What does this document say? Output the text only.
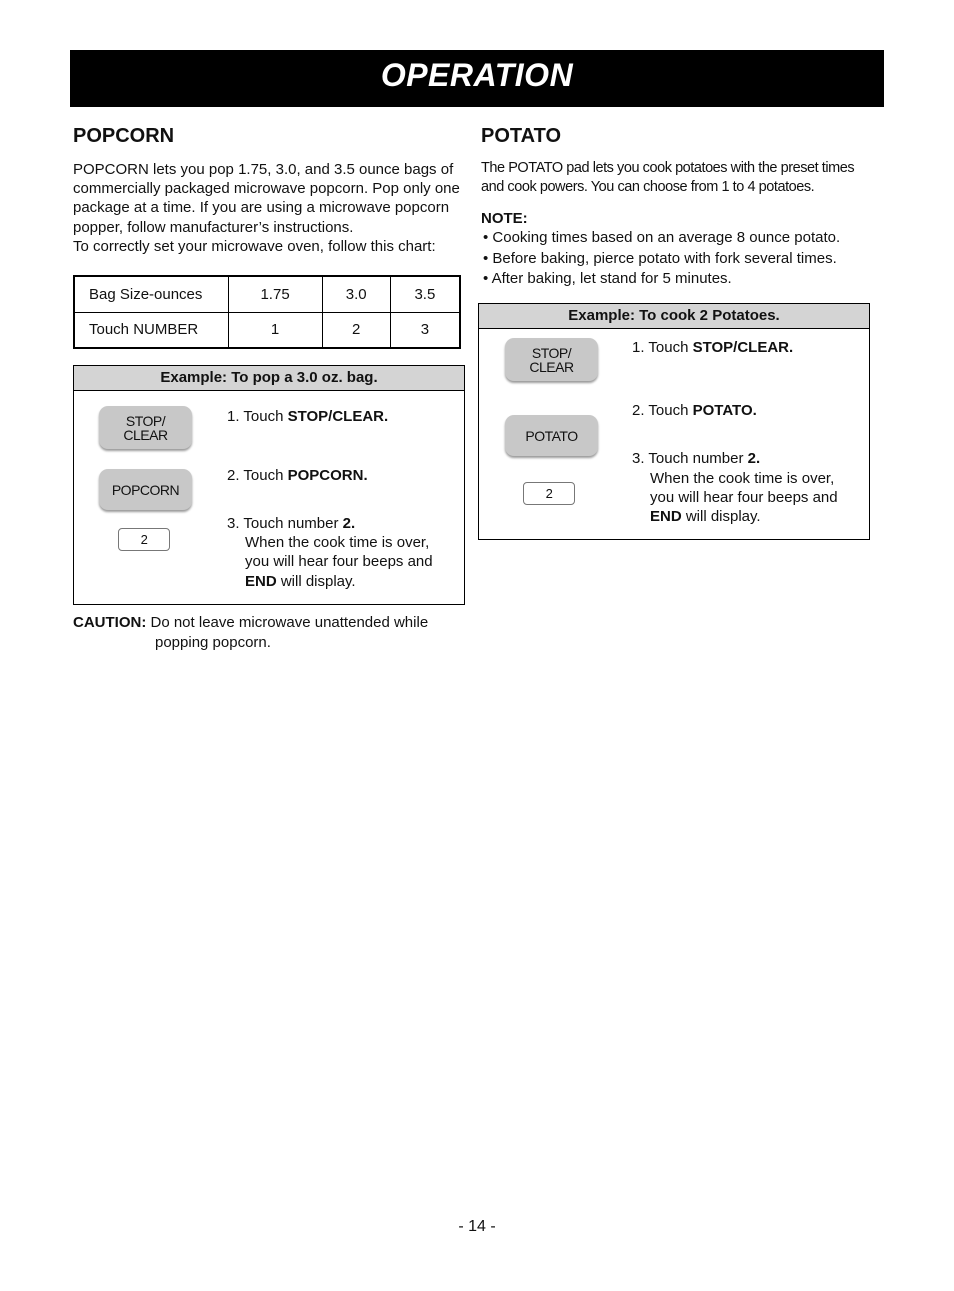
OPERATION
POPCORN

POPCORN lets you pop 1.75, 3.0, and 3.5 ounce bags of commercially packaged microwave popcorn. Pop only one package at a time. If you are using a microwave popcorn popper, follow manufacturer’s instructions.

To correctly set your microwave oven, follow this chart:

Bag Size-ounces	1.75	3.0	3.5
Touch NUMBER	1	2	3
Example: To pop a 3.0 oz. bag.
STOP/
CLEAR
POPCORN
2
1. Touch STOP/CLEAR.
2. Touch POPCORN.
3. Touch number 2.
When the cook time is over,
you will hear four beeps and
END will display.
CAUTION: Do not leave microwave unattended while
popping popcorn.
POTATO

The POTATO pad lets you cook potatoes with the preset times and cook powers. You can choose from 1 to 4 potatoes.

NOTE:
• Cooking times based on an average 8 ounce potato.
• Before baking, pierce potato with fork several times.
• After baking, let stand for 5 minutes.
Example: To cook 2 Potatoes.
STOP/
CLEAR
POTATO
2
1. Touch STOP/CLEAR.
2. Touch POTATO.
3. Touch number 2.
When the cook time is over,
you will hear four beeps and
END will display.
- 14 -
